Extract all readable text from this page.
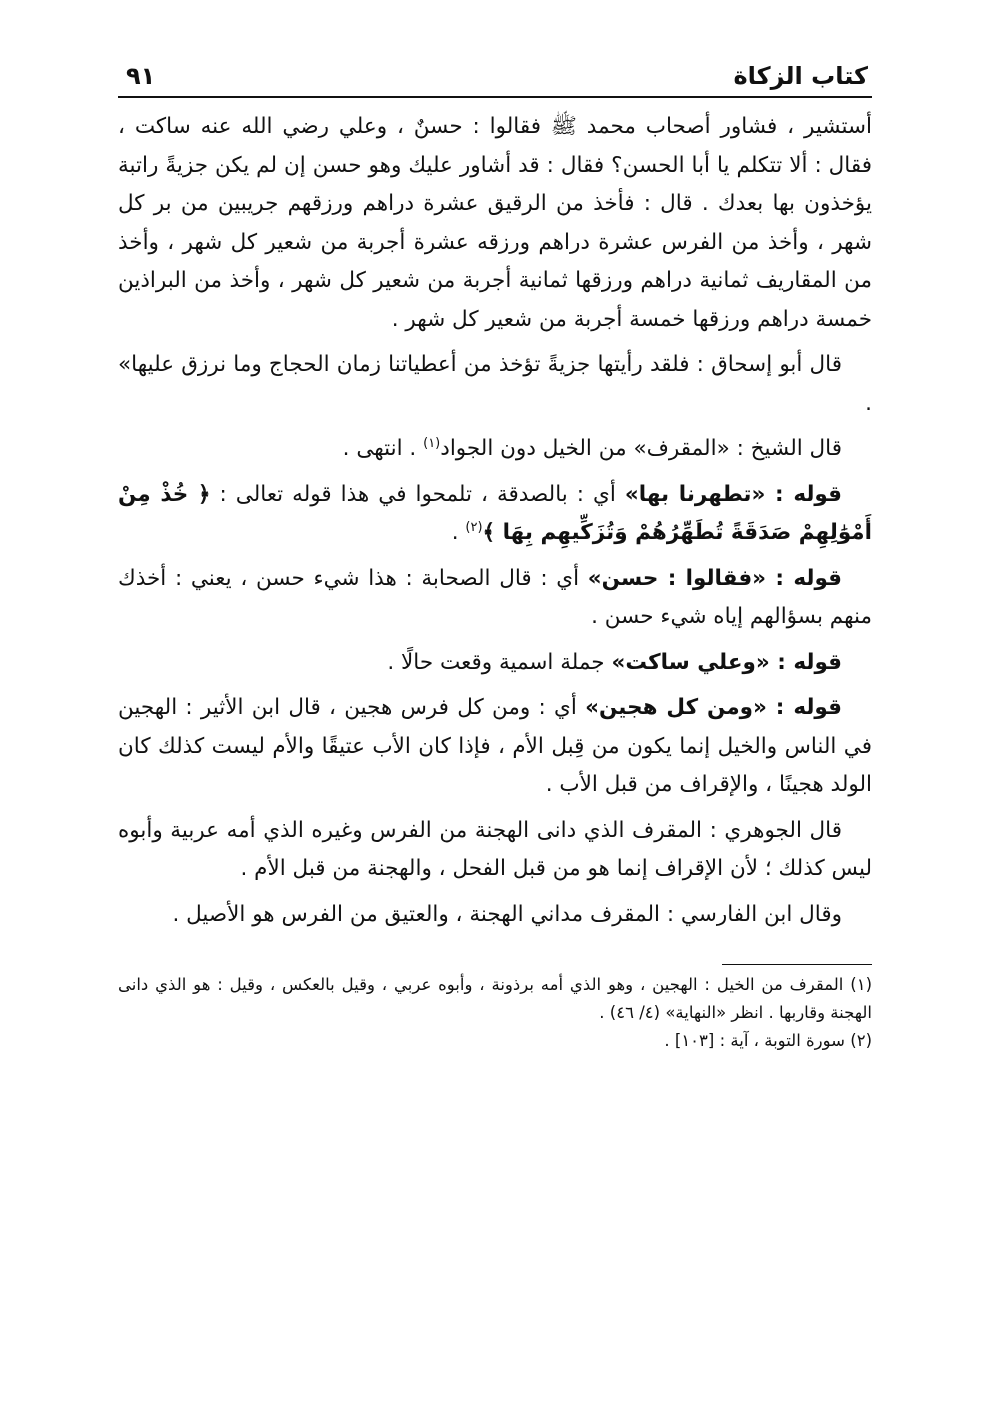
كتاب الزكاة
٩١

أستشير ، فشاور أصحاب محمد ﷺ فقالوا : حسنٌ ، وعلي رضي الله عنه ساكت ، فقال : ألا تتكلم يا أبا الحسن؟ فقال : قد أشاور عليك وهو حسن إن لم يكن جزيةً راتبة يؤخذون بها بعدك . قال : فأخذ من الرقيق عشرة دراهم ورزقهم جريبين من بر كل شهر ، وأخذ من الفرس عشرة دراهم ورزقه عشرة أجربة من شعير كل شهر ، وأخذ من المقاريف ثمانية دراهم ورزقها ثمانية أجربة من شعير كل شهر ، وأخذ من البراذين خمسة دراهم ورزقها خمسة أجربة من شعير كل شهر .

قال أبو إسحاق : فلقد رأيتها جزيةً تؤخذ من أعطياتنا زمان الحجاج وما نرزق عليها» .

قال الشيخ : «المقرف» من الخيل دون الجواد$^{(١)}$ . انتهى .

قوله : «تطهرنا بها» أي : بالصدقة ، تلمحوا في هذا قوله تعالى : ﴿ خُذْ مِنْ أَمْوَٰلِهِمْ صَدَقَةً تُطَهِّرُهُمْ وَتُزَكِّيهِم بِهَا ﴾$^{(٢)}$ .

قوله : «فقالوا : حسن» أي : قال الصحابة : هذا شيء حسن ، يعني : أخذك منهم بسؤالهم إياه شيء حسن .

قوله : «وعلي ساكت» جملة اسمية وقعت حالًا .

قوله : «ومن كل هجين» أي : ومن كل فرس هجين ، قال ابن الأثير : الهجين في الناس والخيل إنما يكون من قِبل الأم ، فإذا كان الأب عتيقًا والأم ليست كذلك كان الولد هجينًا ، والإقراف من قبل الأب .

قال الجوهري : المقرف الذي دانى الهجنة من الفرس وغيره الذي أمه عربية وأبوه ليس كذلك ؛ لأن الإقراف إنما هو من قبل الفحل ، والهجنة من قبل الأم .

وقال ابن الفارسي : المقرف مداني الهجنة ، والعتيق من الفرس هو الأصيل .

(١) المقرف من الخيل : الهجين ، وهو الذي أمه برذونة ، وأبوه عربي ، وقيل بالعكس ، وقيل : هو الذي دانى الهجنة وقاربها . انظر «النهاية» (٤/ ٤٦) .

(٢) سورة التوبة ، آية : [١٠٣] .
